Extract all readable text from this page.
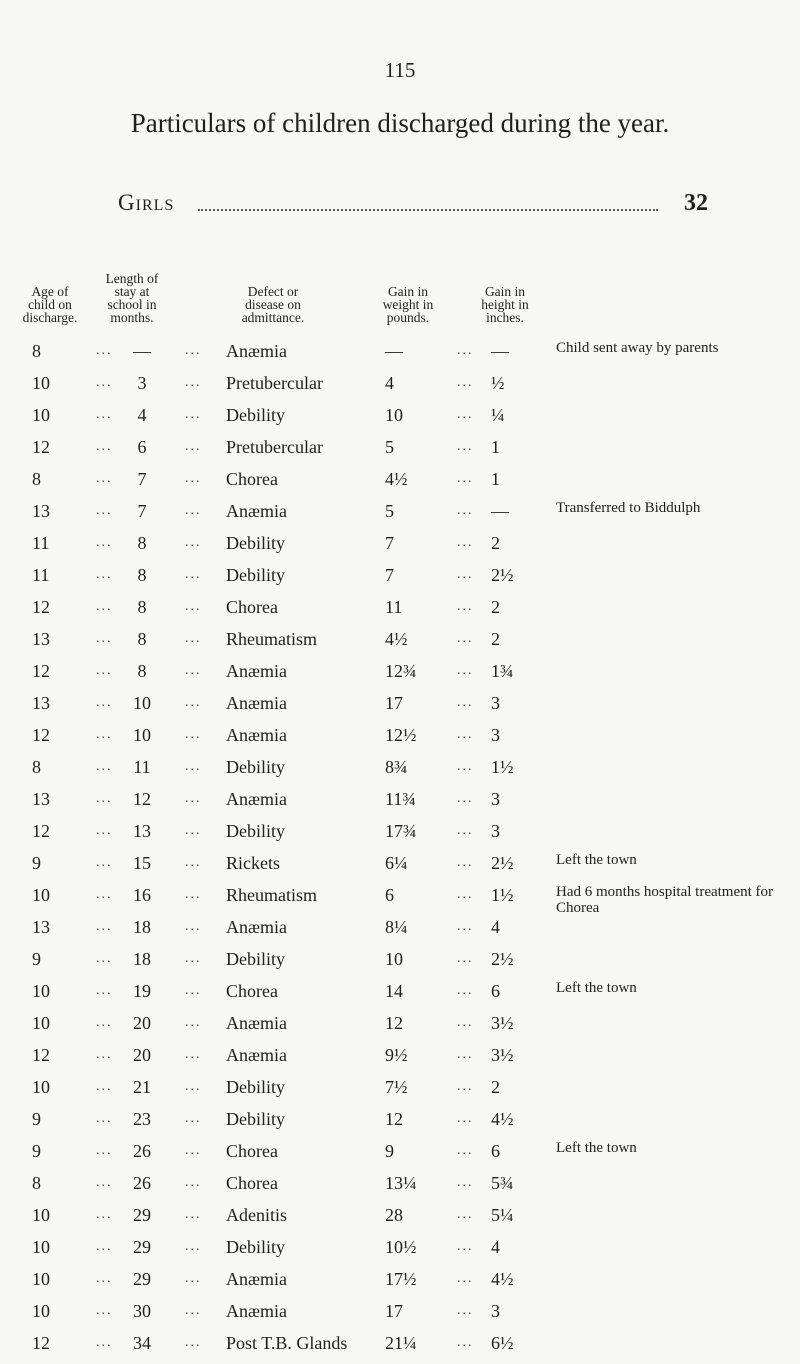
115
Particulars of children discharged during the year.
Girls	32
Age of
child on
discharge.
Length of
stay at
school in
months.
Defect or
disease on
admittance.
Gain in
weight in
pounds.
Gain in
height in
inches.
8	...	—	... Anæmia	—	... —	Child sent away by parents
10	...	3	... Pretubercular	4	... ½
10	...	4	... Debility	10	... ¼
12	...	6	... Pretubercular	5	... 1
8	...	7	... Chorea	4½	... 1
13	...	7	... Anæmia	5	... —	Transferred to Biddulph
11	...	8	... Debility	7	... 2
11	...	8	... Debility	7	... 2½
12	...	8	... Chorea	11	... 2
13	...	8	... Rheumatism	4½	... 2
12	...	8	... Anæmia	12¾	... 1¾
13	...	10	... Anæmia	17	... 3
12	...	10	... Anæmia	12½	... 3
8	...	11	... Debility	8¾	... 1½
13	...	12	... Anæmia	11¾	... 3
12	...	13	... Debility	17¾	... 3
9	...	15	... Rickets	6¼	... 2½	Left the town
10	...	16	... Rheumatism	6	... 1½	Had 6 months hospital treatment for Chorea
13	...	18	... Anæmia	8¼	... 4
9	...	18	... Debility	10	... 2½
10	...	19	... Chorea	14	... 6	Left the town
10	...	20	... Anæmia	12	... 3½
12	...	20	... Anæmia	9½	... 3½
10	...	21	... Debility	7½	... 2
9	...	23	... Debility	12	... 4½
9	...	26	... Chorea	9	... 6	Left the town
8	...	26	... Chorea	13¼	... 5¾
10	...	29	... Adenitis	28	... 5¼
10	...	29	... Debility	10½	... 4
10	...	29	... Anæmia	17½	... 4½
10	...	30	... Anæmia	17	... 3
12	...	34	... Post T.B. Glands 21¼	... 6½
